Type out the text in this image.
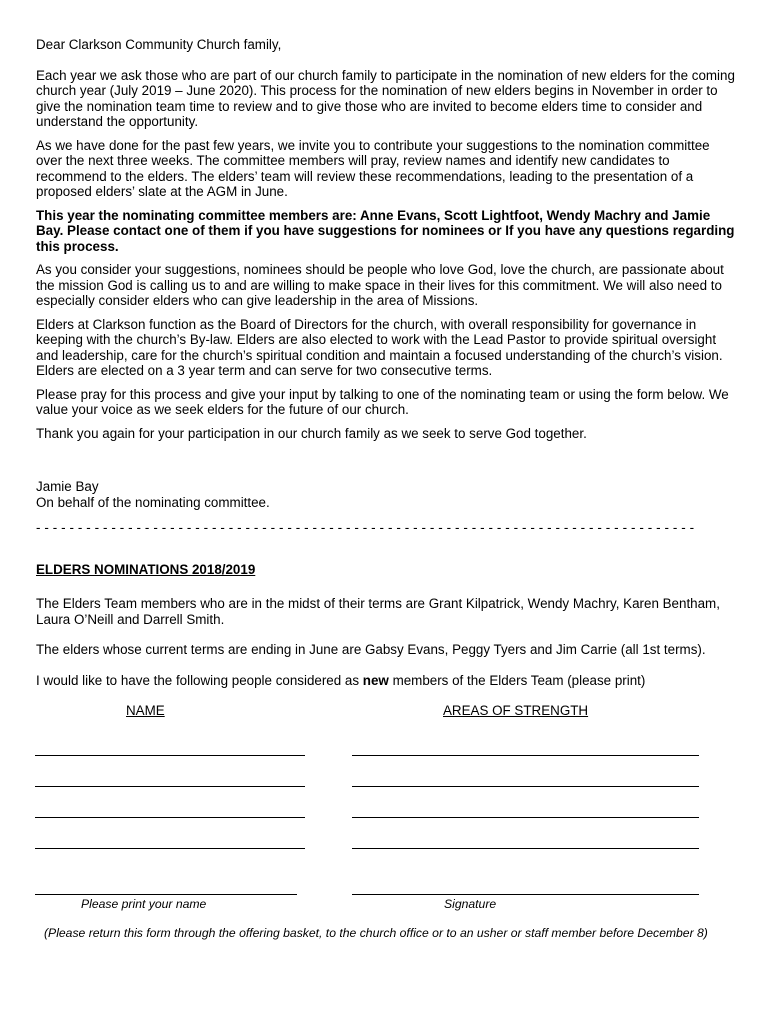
Dear Clarkson Community Church family,

Each year we ask those who are part of our church family to participate in the nomination of new elders for the coming church year (July 2019 – June 2020). This process for the nomination of new elders begins in November in order to give the nomination team time to review and to give those who are invited to become elders time to consider and understand the opportunity.

As we have done for the past few years, we invite you to contribute your suggestions to the nomination committee over the next three weeks. The committee members will pray, review names and identify new candidates to recommend to the elders. The elders’ team will review these recommendations, leading to the presentation of a proposed elders’ slate at the AGM in June.

This year the nominating committee members are: Anne Evans, Scott Lightfoot, Wendy Machry and Jamie Bay. Please contact one of them if you have suggestions for nominees or If you have any questions regarding this process.

As you consider your suggestions, nominees should be people who love God, love the church, are passionate about the mission God is calling us to and are willing to make space in their lives for this commitment. We will also need to especially consider elders who can give leadership in the area of Missions.

Elders at Clarkson function as the Board of Directors for the church, with overall responsibility for governance in keeping with the church’s By-law. Elders are also elected to work with the Lead Pastor to provide spiritual oversight and leadership, care for the church’s spiritual condition and maintain a focused understanding of the church’s vision. Elders are elected on a 3 year term and can serve for two consecutive terms.

Please pray for this process and give your input by talking to one of the nominating team or using the form below. We value your voice as we seek elders for the future of our church.

Thank you again for your participation in our church family as we seek to serve God together.

Jamie Bay

On behalf of the nominating committee.

- - - - - - - - - - - - - - - - - - - - - - - - - - - - - - - - - - - - - - - - - - - - - - - - - - - - - - - - - - - - - - - - - - - - - - - - - - - - - - -

ELDERS NOMINATIONS 2018/2019

The Elders Team members who are in the midst of their terms are Grant Kilpatrick, Wendy Machry, Karen Bentham, Laura O’Neill and Darrell Smith.

The elders whose current terms are ending in June are Gabsy Evans, Peggy Tyers and Jim Carrie (all 1st terms).

I would like to have the following people considered as new members of the Elders Team (please print)

NAME	AREAS OF STRENGTH
Please print your name	Signature
(Please return this form through the offering basket, to the church office or to an usher or staff member before December 8)
